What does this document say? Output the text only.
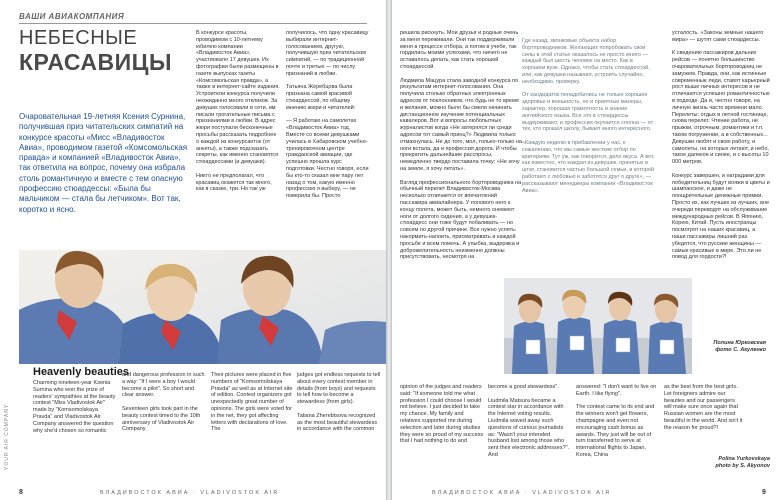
ВАШИ АВИАКОМПАНИЯ
НЕБЕСНЫЕ
КРАСАВИЦЫ
Очаровательная 19-летняя Ксения Сурнина, получившая приз читательских симпатий на конкурсе красоты «Мисс «Владивосток Авиа», проводимом газетой «Комсомольская правда» и компанией «Владивосток Авиа», так ответила на вопрос, почему она избрала столь романтичную и вместе с тем опасную профессию стюардессы: «Была бы мальчиком — стала бы летчиком». Вот так, коротко и ясно.
В конкурсе красоты, проводимом с 10-летнему юбилею компании «Владивосток Авиа», участвовало 17 девушек. Их фотографии были размещены в газете выпусках газеты «Комсомольская правда», а также в интернет-сайте издания. Устроители конкурса получили неожиданно много откликов. За девушек голосовали в сети, им писали трогательные письма с признаниями в любви. В адрес жюри поступали бесконечные просьбы рассказать подробнее о каждой из конкурсанток (от анкеты), а также подсказать секреты, как именно становятся стюардессами (и девушки).

Никто не предполагал, что красавиц окажется так много, как в сказке, три. Но так уж
получилось, что одну красавицу выбирали интернет-голосованием, другую, получившую приз читательских симпатий, — по традиционной почте и третью — по числу признаний в любви.

Татьяна Жеребцова была признана самой красивой стюардессой, по общему мнению жюри и читателей:

— Я работаю на самолетах «Владивосток Авиа» год. Вместе со всеми девушками училась в Хабаровском учебно-тренировочном центре гражданской авиации, где успешно прошла курс подготовки. Честно говоря, если бы кто-то сказал мне пару лет назад о том, какую именно профессию я выберу, — не поверила бы. Просто
YOUR AIR COMPANY
Heavenly beauties
Charming nineteen-year Ksenia Surnina who won the prize of readers' sympathies at the beauty contest "Miss Vladivostok Air" made by "Komsomolskaya Pravda" and Vladivostok Air Company answered the question why she'd chosen so romantic
and dangerous profession in such a way: "If I were a boy I would become a pilot". So short and clear answer.

Seventeen girls took part in the beauty contest timed to the 10th anniversary of Vladivostok Air Company.
Their pictures were placed in five numbers of "Komsomolskaya Pravda" as well as at Internet site of edition. Contest organizers got unexpectedly great number of opinions. The girls were voted for in the net, they got affecting letters with declarations of love. The
judges got endless requests to tell about every contest member in details (from boys) and requests to tell how to become a stewardess (from girls).

Tatiana Zherebtsova recognized as the most beautiful stewardess in accordance with the common
8	ВЛАДИВОСТОК АВИА · VLADIVOSTOK AIR
решила рискнуть. Мои друзья и родные очень за меня переживали. Они так поддерживали меня в процессе отбора, а потом в учебе, так гордились моими успехами, что ничего не оставалось делать, как стать хорошей стюардессой.

Людмила Мацура стала заводной конкурса по результатам интернет-голосования. Она получила столько обратных электронных адресов от поклонников, что будь не то время и желания, можно было бы смело начинать дистанционное изучение потенциальных кавалеров. Вот и вопросы любопытных журналистов когда «Не затерялся ли среди адресов тот самый принц?» Людмила только отмахнулась. Не до того, мол, только-только на ноги встала, да и профессия дорога. И чтобы прекратить дальнейшие расспросы, немедленно твердо поставила точку: «Не хочу на земле, я хочу летать».

Взгляд профессионального бортпроводника на обычный перелет Владивосток-Москва несколько отличается от впечатлений пассажира авиалайнера. У полового него к концу полета, может быть, немного онемеют ноги от долгого сидения, а у девушек-стюардесс они тоже будут побаливать — но совсем по другой причине. Все нужно успеть: накормить-напоить, присматривать и каждой просьбе и всем помочь. А улыбка, выдержка и доброжелательность неизменно должны присутствовать, несмотря на
Где назад, звонковые объекта набор бортпроводников. Желающих попробовать свои силы в этой статье оказалось не просто много — каждый был шесть человек на место. Как в хорошем вузе. Однако, чтобы стать стюардессой, или, как девушки называют, устроить случайно, необходимо, проверку.

От кандидаток понадобились не только хорошее здоровье и внешность, но и приятные манеры, характер, хорошая грамотность и знание английского языка. Все это в стюардессы выдерживают, и профессия окупается сполна — от тех, кто прошел школу, бывает много интересного.

«Каждую неделю в прибавлении у нас, к сожалению, что мы самые жесткие отбор по критериям. Тут уж, как говорится, дело вкуса. А вот, как известно, что каждая из девушек, принятых в штат, становится частью большой семьи, в которой работают с любовью и заботятся друг о друге», — рассказывают менеджеры компании «Владивосток Авиа».
усталость. «Законы земные нашего мира» — шутят сами стюардессы.

К сведению пассажиров дальних рейсов — понятно большинство очаровательных бортпроводниц не замужем. Правда, они, как истинные современные леди, ставят карьерный рост выше личных интересов и не отличаются успешно романтичностью в подходе. Да и, честно говоря, на личную жизнь часто времени мало. Перелеты: отдых в летной гостинице, снова перелет. Чтение работа, не прыжки, отрочным, романтики и т.п. таком погружении, а в собственных... Девушки любят и свою работу, и самолеты, на которых летают, и небо, такое далекое и синее, и с высоты 10 000 метров.

Конкурс завершен, и наградами для победительниц будут вояжи в цветы и шампанское, и даже не поощрительные денежные премии. Просто их, как лучших из лучших, вне очереди переводят на обслуживание международных рейсов. В Японию, Корею, Китай. Пусть иностранцы посмотрят на наших красавиц, а наши пассажиры лишний раз убедятся, что русские женщины — самые красивые в мире. Это ли не повод для гордости?!
Полина Юрковская
фото С. Акуленко
opinion of the judges and readers said: "If someone told me what profession I could choose I would not believe. I just decided to take my chance. My family and relatives supported me during selection and later during studies they were so proud of my success that I had nothing to do and
become a good stewardess".

Liudmila Matsura became a contest star in accordance with the Internet voting results. Liudmila waved away such questions of curious journalists as: "Wasn't your intended husband lost among those who sent their electronic addresses?". And
answered: "I don't want to live on Earth. I like flying".

The contest came to its end and the winners won't get flowers, champagne and even not encouraging cash bonus as awards. They just will be out of turn transferred to serve at international flights to Japan, Korea, China
as the best from the best girls. Let foreigners admire our beauties and our passengers will make sure once again that Russian women are the most beautiful in the world. And isn't it the reason for proud?!
Polina Yurkovskaya
photo by S. Akyonov
ВЛАДИВОСТОК АВИА · VLADIVOSTOK AIR	9
